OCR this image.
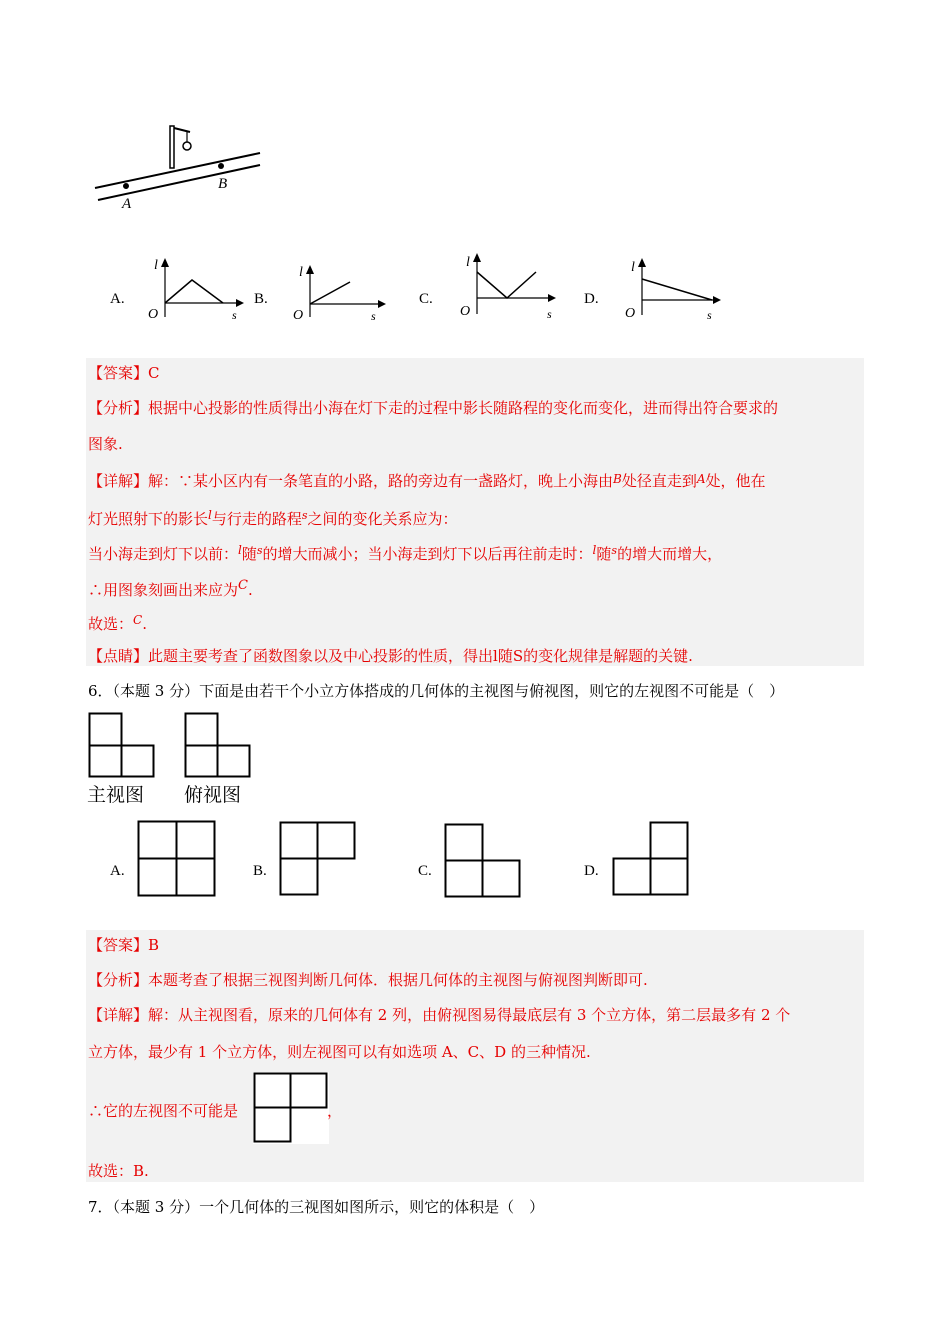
A
B
A.
l
O	s
B.
l
O	s
C.
l
O	s
D.
l
O	s
【答案】C
【分析】根据中心投影的性质得出小海在灯下走的过程中影长随路程的变化而变化，进而得出符合要求的
图象.
【详解】解：∵某小区内有一条笔直的小路，路的旁边有一盏路灯，晚上小海由$^B$处径直走到$^A$处，他在
灯光照射下的影长$^l$与行走的路程$^s$之间的变化关系应为：
当小海走到灯下以前：$^l$随$^s$的增大而减小；当小海走到灯下以后再往前走时：$^l$随$^s$的增大而增大，
∴用图象刻画出来应为C.
故选：$^C$.
【点睛】此题主要考查了函数图象以及中心投影的性质，得出l随S的变化规律是解题的关键.
6．（本题 3 分）下面是由若干个小立方体搭成的几何体的主视图与俯视图，则它的左视图不可能是（　）
主视图 俯视图
A.	B.	C.	D.
【答案】B
【分析】本题考查了根据三视图判断几何体．根据几何体的主视图与俯视图判断即可.
【详解】解：从主视图看，原来的几何体有 2 列，由俯视图易得最底层有 3 个立方体，第二层最多有 2 个
立方体，最少有 1 个立方体，则左视图可以有如选项 A、C、D 的三种情况.
∴它的左视图不可能是	，
故选：B.
7．（本题 3 分）一个几何体的三视图如图所示，则它的体积是（　）
